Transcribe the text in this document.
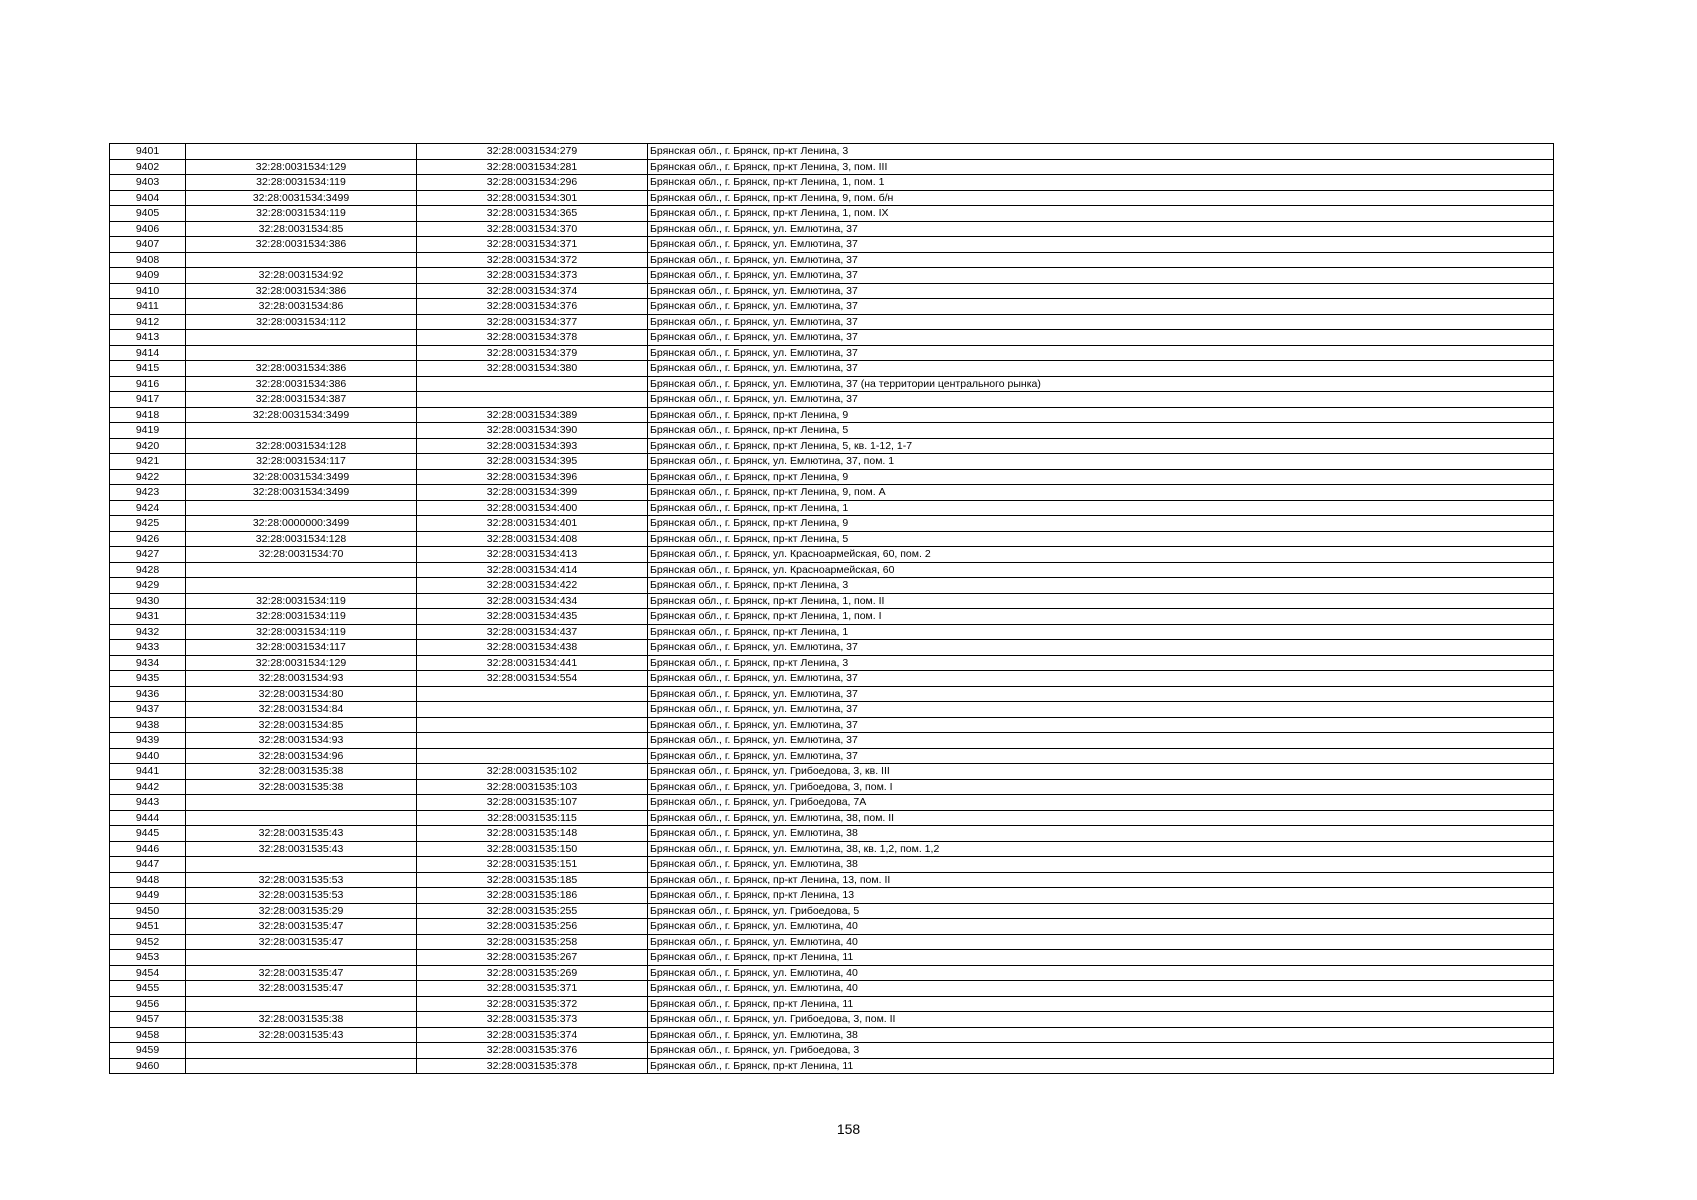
9401		32:28:0031534:279	Брянская обл., г. Брянск, пр-кт Ленина, 3
9402	32:28:0031534:129	32:28:0031534:281	Брянская обл., г. Брянск, пр-кт Ленина, 3, пом. III
9403	32:28:0031534:119	32:28:0031534:296	Брянская обл., г. Брянск, пр-кт Ленина, 1, пом. 1
9404	32:28:0031534:3499	32:28:0031534:301	Брянская обл., г. Брянск, пр-кт Ленина, 9, пом. б/н
9405	32:28:0031534:119	32:28:0031534:365	Брянская обл., г. Брянск, пр-кт Ленина, 1, пом. IX
9406	32:28:0031534:85	32:28:0031534:370	Брянская обл., г. Брянск, ул. Емлютина, 37
9407	32:28:0031534:386	32:28:0031534:371	Брянская обл., г. Брянск, ул. Емлютина, 37
9408		32:28:0031534:372	Брянская обл., г. Брянск, ул. Емлютина, 37
9409	32:28:0031534:92	32:28:0031534:373	Брянская обл., г. Брянск, ул. Емлютина, 37
9410	32:28:0031534:386	32:28:0031534:374	Брянская обл., г. Брянск, ул. Емлютина, 37
9411	32:28:0031534:86	32:28:0031534:376	Брянская обл., г. Брянск, ул. Емлютина, 37
9412	32:28:0031534:112	32:28:0031534:377	Брянская обл., г. Брянск, ул. Емлютина, 37
9413		32:28:0031534:378	Брянская обл., г. Брянск, ул. Емлютина, 37
9414		32:28:0031534:379	Брянская обл., г. Брянск, ул. Емлютина, 37
9415	32:28:0031534:386	32:28:0031534:380	Брянская обл., г. Брянск, ул. Емлютина, 37
9416	32:28:0031534:386		Брянская обл., г. Брянск, ул. Емлютина, 37 (на территории центрального рынка)
9417	32:28:0031534:387		Брянская обл., г. Брянск, ул. Емлютина, 37
9418	32:28:0031534:3499	32:28:0031534:389	Брянская обл., г. Брянск, пр-кт Ленина, 9
9419		32:28:0031534:390	Брянская обл., г. Брянск, пр-кт Ленина, 5
9420	32:28:0031534:128	32:28:0031534:393	Брянская обл., г. Брянск, пр-кт Ленина, 5, кв. 1-12, 1-7
9421	32:28:0031534:117	32:28:0031534:395	Брянская обл., г. Брянск, ул. Емлютина, 37, пом. 1
9422	32:28:0031534:3499	32:28:0031534:396	Брянская обл., г. Брянск, пр-кт Ленина, 9
9423	32:28:0031534:3499	32:28:0031534:399	Брянская обл., г. Брянск, пр-кт Ленина, 9, пом. А
9424		32:28:0031534:400	Брянская обл., г. Брянск, пр-кт Ленина, 1
9425	32:28:0000000:3499	32:28:0031534:401	Брянская обл., г. Брянск, пр-кт Ленина, 9
9426	32:28:0031534:128	32:28:0031534:408	Брянская обл., г. Брянск, пр-кт Ленина, 5
9427	32:28:0031534:70	32:28:0031534:413	Брянская обл., г. Брянск, ул. Красноармейская, 60, пом. 2
9428		32:28:0031534:414	Брянская обл., г. Брянск, ул. Красноармейская, 60
9429		32:28:0031534:422	Брянская обл., г. Брянск, пр-кт Ленина, 3
9430	32:28:0031534:119	32:28:0031534:434	Брянская обл., г. Брянск, пр-кт Ленина, 1, пом. II
9431	32:28:0031534:119	32:28:0031534:435	Брянская обл., г. Брянск, пр-кт Ленина, 1, пом. I
9432	32:28:0031534:119	32:28:0031534:437	Брянская обл., г. Брянск, пр-кт Ленина, 1
9433	32:28:0031534:117	32:28:0031534:438	Брянская обл., г. Брянск, ул. Емлютина, 37
9434	32:28:0031534:129	32:28:0031534:441	Брянская обл., г. Брянск, пр-кт Ленина, 3
9435	32:28:0031534:93	32:28:0031534:554	Брянская обл., г. Брянск, ул. Емлютина, 37
9436	32:28:0031534:80		Брянская обл., г. Брянск, ул. Емлютина, 37
9437	32:28:0031534:84		Брянская обл., г. Брянск, ул. Емлютина, 37
9438	32:28:0031534:85		Брянская обл., г. Брянск, ул. Емлютина, 37
9439	32:28:0031534:93		Брянская обл., г. Брянск, ул. Емлютина, 37
9440	32:28:0031534:96		Брянская обл., г. Брянск, ул. Емлютина, 37
9441	32:28:0031535:38	32:28:0031535:102	Брянская обл., г. Брянск, ул. Грибоедова, 3, кв. III
9442	32:28:0031535:38	32:28:0031535:103	Брянская обл., г. Брянск, ул. Грибоедова, 3, пом. I
9443		32:28:0031535:107	Брянская обл., г. Брянск, ул. Грибоедова, 7А
9444		32:28:0031535:115	Брянская обл., г. Брянск, ул. Емлютина, 38, пом. II
9445	32:28:0031535:43	32:28:0031535:148	Брянская обл., г. Брянск, ул. Емлютина, 38
9446	32:28:0031535:43	32:28:0031535:150	Брянская обл., г. Брянск, ул. Емлютина, 38, кв. 1,2, пом. 1,2
9447		32:28:0031535:151	Брянская обл., г. Брянск, ул. Емлютина, 38
9448	32:28:0031535:53	32:28:0031535:185	Брянская обл., г. Брянск, пр-кт Ленина, 13, пом. II
9449	32:28:0031535:53	32:28:0031535:186	Брянская обл., г. Брянск, пр-кт Ленина, 13
9450	32:28:0031535:29	32:28:0031535:255	Брянская обл., г. Брянск, ул. Грибоедова, 5
9451	32:28:0031535:47	32:28:0031535:256	Брянская обл., г. Брянск, ул. Емлютина, 40
9452	32:28:0031535:47	32:28:0031535:258	Брянская обл., г. Брянск, ул. Емлютина, 40
9453		32:28:0031535:267	Брянская обл., г. Брянск, пр-кт Ленина, 11
9454	32:28:0031535:47	32:28:0031535:269	Брянская обл., г. Брянск, ул. Емлютина, 40
9455	32:28:0031535:47	32:28:0031535:371	Брянская обл., г. Брянск, ул. Емлютина, 40
9456		32:28:0031535:372	Брянская обл., г. Брянск, пр-кт Ленина, 11
9457	32:28:0031535:38	32:28:0031535:373	Брянская обл., г. Брянск, ул. Грибоедова, 3, пом. II
9458	32:28:0031535:43	32:28:0031535:374	Брянская обл., г. Брянск, ул. Емлютина, 38
9459		32:28:0031535:376	Брянская обл., г. Брянск, ул. Грибоедова, 3
9460		32:28:0031535:378	Брянская обл., г. Брянск, пр-кт Ленина, 11
158
